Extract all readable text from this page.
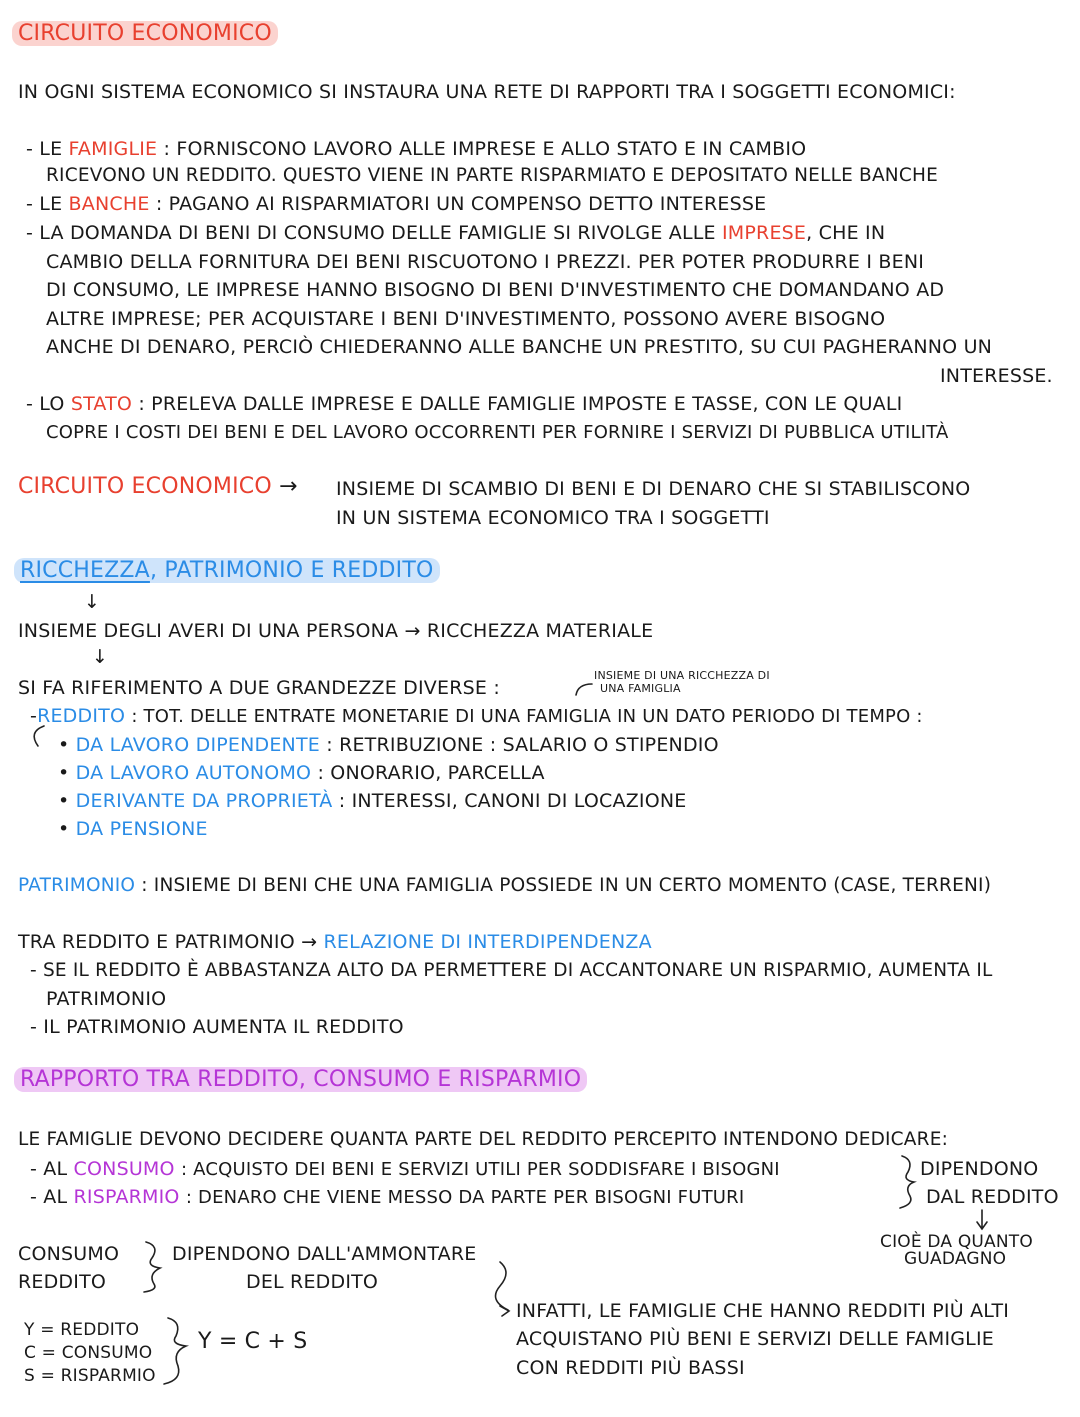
CIRCUITO ECONOMICO
IN OGNI SISTEMA ECONOMICO SI INSTAURA UNA RETE DI RAPPORTI TRA I SOGGETTI ECONOMICI:
- LE FAMIGLIE : FORNISCONO LAVORO ALLE IMPRESE E ALLO STATO E IN CAMBIO
RICEVONO UN REDDITO. QUESTO VIENE IN PARTE RISPARMIATO E DEPOSITATO NELLE BANCHE
- LE BANCHE : PAGANO AI RISPARMIATORI UN COMPENSO DETTO INTERESSE
- LA DOMANDA DI BENI DI CONSUMO DELLE FAMIGLIE SI RIVOLGE ALLE IMPRESE, CHE IN
CAMBIO DELLA FORNITURA DEI BENI RISCUOTONO I PREZZI. PER POTER PRODURRE I BENI
DI CONSUMO, LE IMPRESE HANNO BISOGNO DI BENI D'INVESTIMENTO CHE DOMANDANO AD
ALTRE IMPRESE; PER ACQUISTARE I BENI D'INVESTIMENTO, POSSONO AVERE BISOGNO
ANCHE DI DENARO, PERCIÒ CHIEDERANNO ALLE BANCHE UN PRESTITO, SU CUI PAGHERANNO UN
INTERESSE.
- LO STATO : PRELEVA DALLE IMPRESE E DALLE FAMIGLIE IMPOSTE E TASSE, CON LE QUALI
COPRE I COSTI DEI BENI E DEL LAVORO OCCORRENTI PER FORNIRE I SERVIZI DI PUBBLICA UTILITÀ
CIRCUITO ECONOMICO → INSIEME DI SCAMBIO DI BENI E DI DENARO CHE SI STABILISCONO
IN UN SISTEMA ECONOMICO TRA I SOGGETTI
RICCHEZZA, PATRIMONIO E REDDITO
↓
INSIEME DEGLI AVERI DI UNA PERSONA → RICCHEZZA MATERIALE
↓
SI FA RIFERIMENTO A DUE GRANDEZZE DIVERSE :
INSIEME DI UNA RICCHEZZA DI
UNA FAMIGLIA
-REDDITO : TOT. DELLE ENTRATE MONETARIE DI UNA FAMIGLIA IN UN DATO PERIODO DI TEMPO :
• DA LAVORO DIPENDENTE : RETRIBUZIONE : SALARIO O STIPENDIO
• DA LAVORO AUTONOMO : ONORARIO, PARCELLA
• DERIVANTE DA PROPRIETÀ : INTERESSI, CANONI DI LOCAZIONE
• DA PENSIONE
PATRIMONIO : INSIEME DI BENI CHE UNA FAMIGLIA POSSIEDE IN UN CERTO MOMENTO (CASE, TERRENI)
TRA REDDITO E PATRIMONIO → RELAZIONE DI INTERDIPENDENZA
- SE IL REDDITO È ABBASTANZA ALTO DA PERMETTERE DI ACCANTONARE UN RISPARMIO, AUMENTA IL
PATRIMONIO
- IL PATRIMONIO AUMENTA IL REDDITO
RAPPORTO TRA REDDITO, CONSUMO E RISPARMIO
LE FAMIGLIE DEVONO DECIDERE QUANTA PARTE DEL REDDITO PERCEPITO INTENDONO DEDICARE:
- AL CONSUMO : ACQUISTO DEI BENI E SERVIZI UTILI PER SODDISFARE I BISOGNI
- AL RISPARMIO : DENARO CHE VIENE MESSO DA PARTE PER BISOGNI FUTURI
DIPENDONO
DAL REDDITO
CIOÈ DA QUANTO
GUADAGNO
CONSUMO
REDDITO
DIPENDONO DALL'AMMONTARE
DEL REDDITO
INFATTI, LE FAMIGLIE CHE HANNO REDDITI PIÙ ALTI
ACQUISTANO PIÙ BENI E SERVIZI DELLE FAMIGLIE
CON REDDITI PIÙ BASSI
Y = REDDITO
C = CONSUMO
S = RISPARMIO
Y = C + S
